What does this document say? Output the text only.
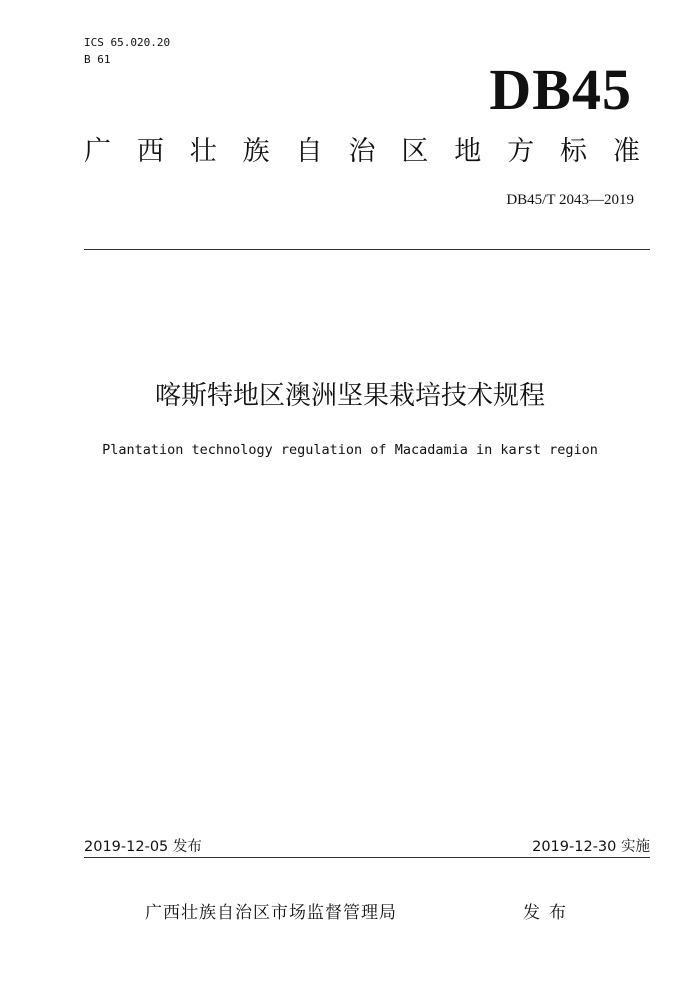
ICS 65.020.20
B 61	DB45
广 西 壮 族 自 治 区 地 方 标 准
DB45/T 2043—2019
喀斯特地区澳洲坚果栽培技术规程
Plantation technology regulation of Macadamia in karst region
2019-12-05 发布	2019-12-30 实施
广西壮族自治区市场监督管理局	发 布
